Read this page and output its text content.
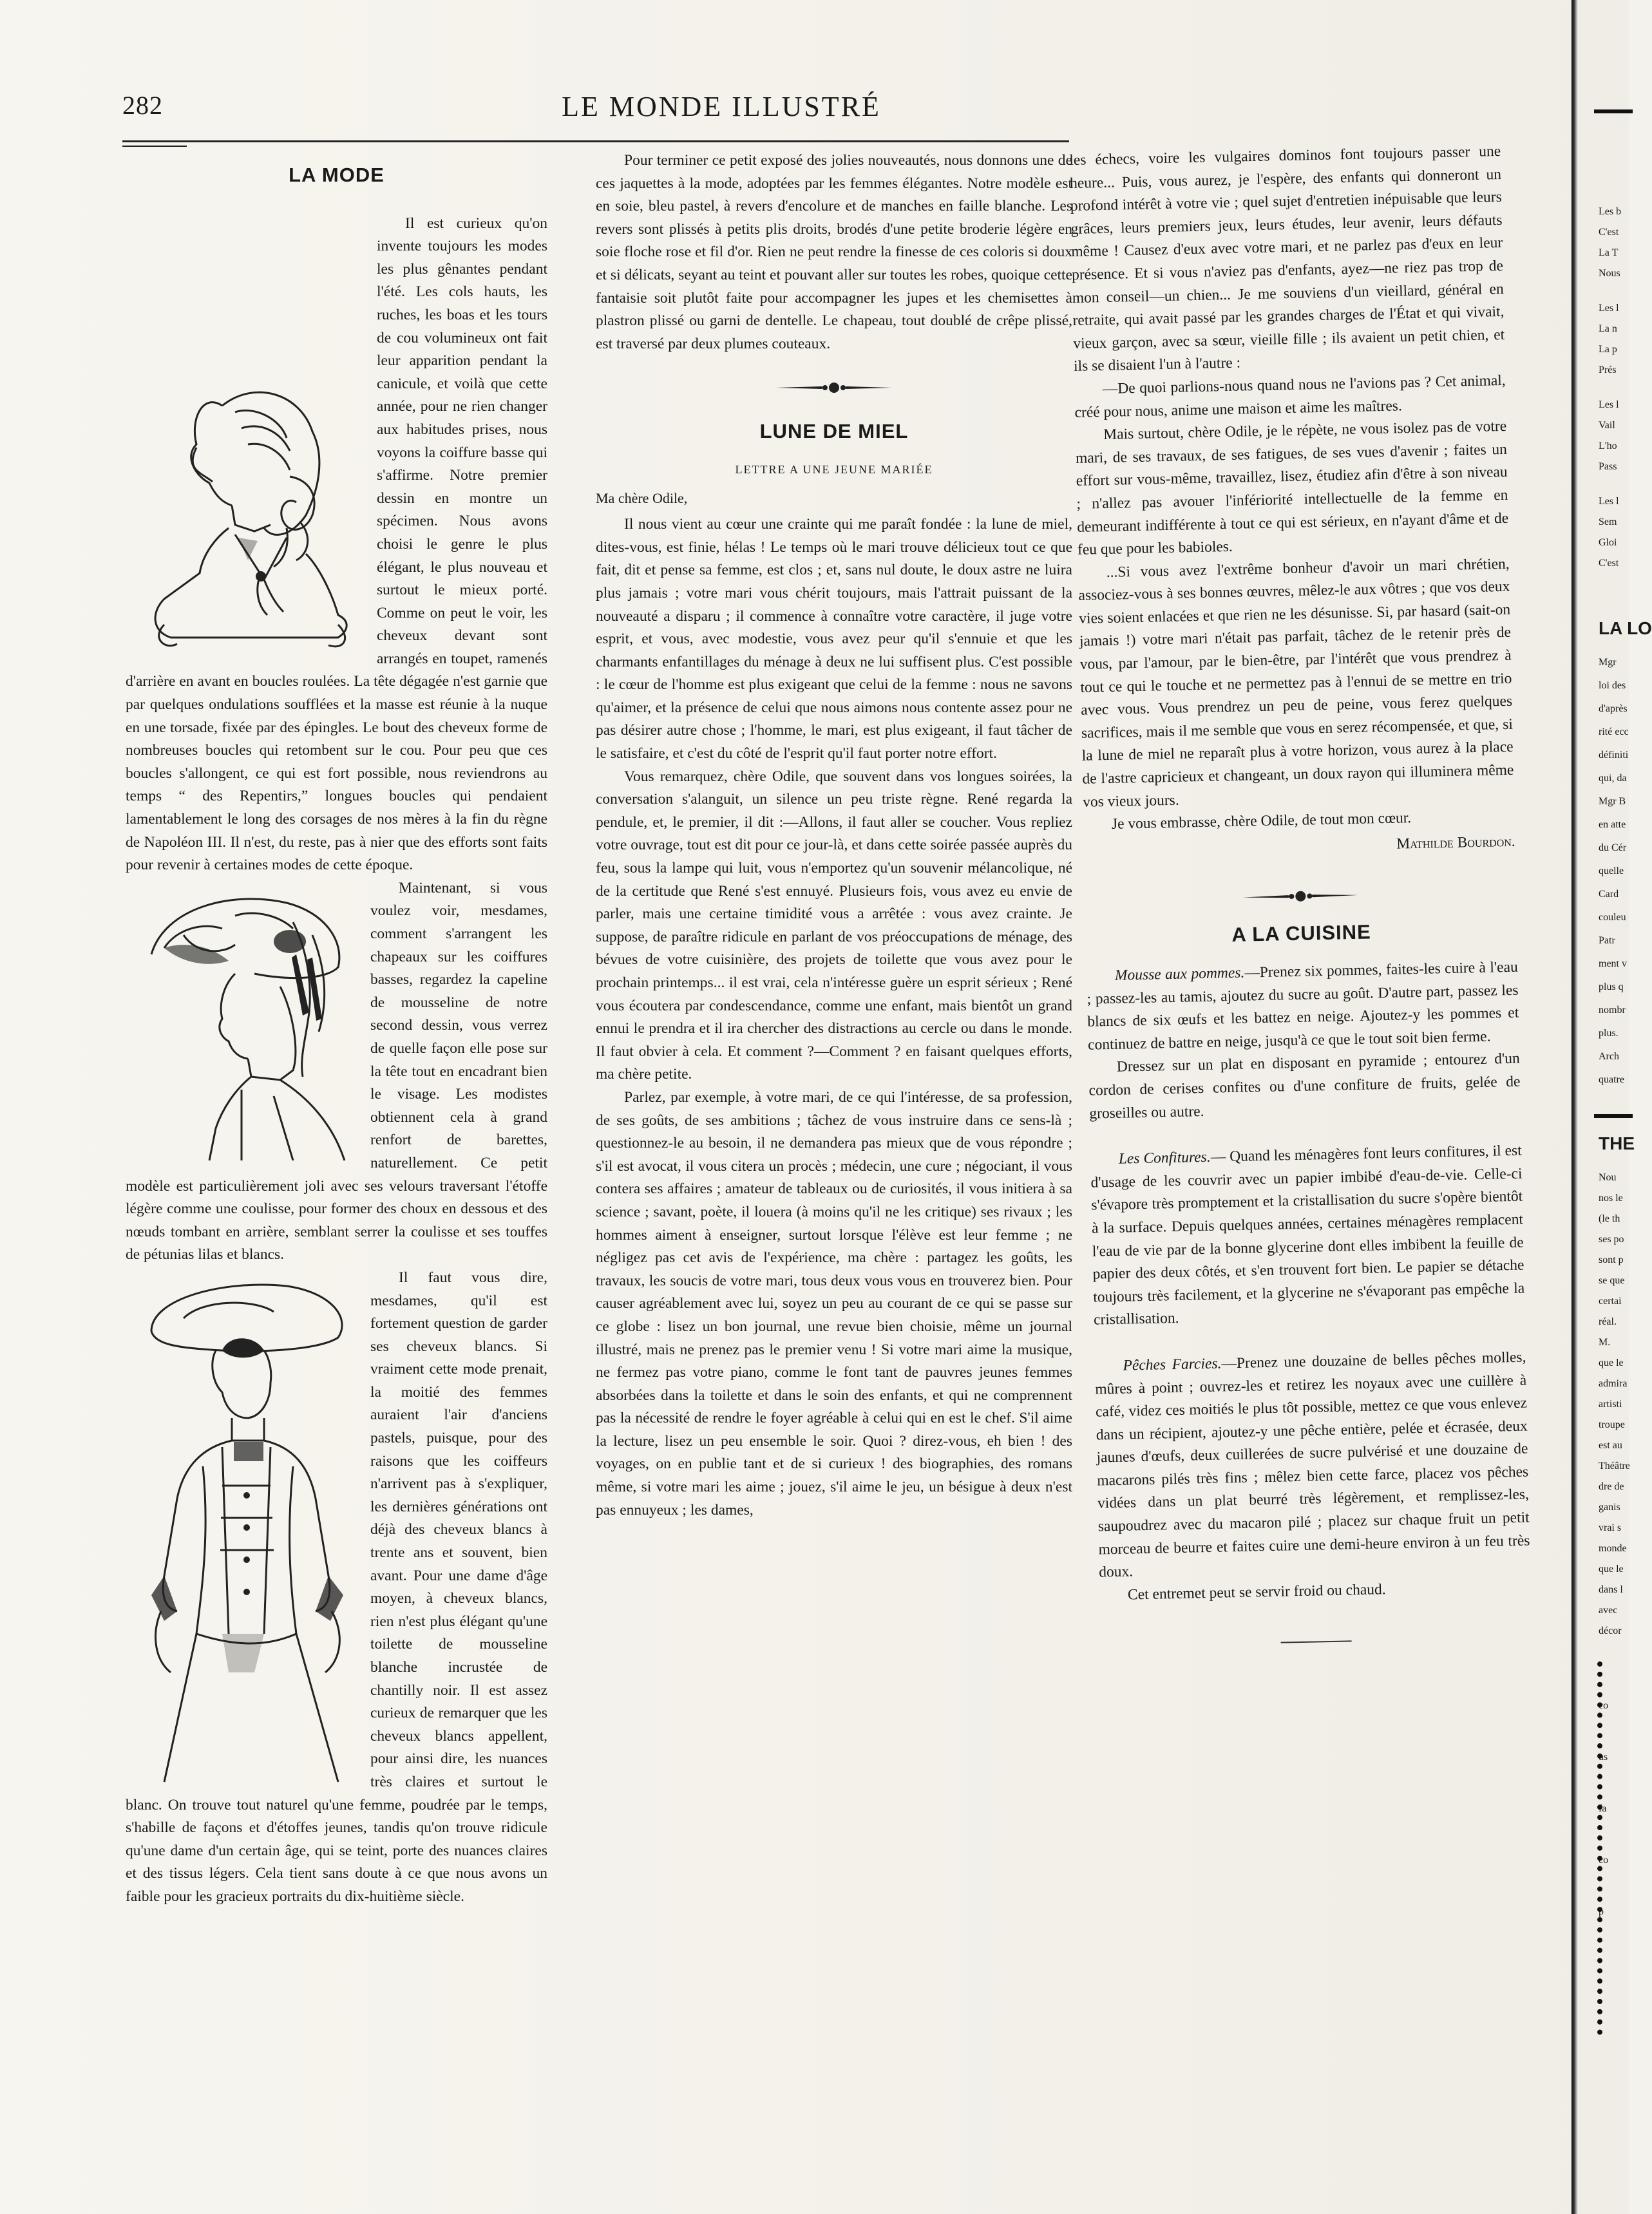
282	LE MONDE ILLUSTRÉ
LA MODE

Il est curieux qu'on invente toujours les modes les plus gênantes pendant l'été. Les cols hauts, les ruches, les boas et les tours de cou volumineux ont fait leur apparition pendant la canicule, et voilà que cette année, pour ne rien changer aux habitudes prises, nous voyons la coiffure basse qui s'affirme. Notre premier dessin en montre un spécimen. Nous avons choisi le genre le plus élégant, le plus nouveau et surtout le mieux porté. Comme on peut le voir, les cheveux devant sont arrangés en toupet, ramenés d'arrière en avant en boucles roulées. La tête dégagée n'est garnie que par quelques ondulations soufflées et la masse est réunie à la nuque en une torsade, fixée par des épingles. Le bout des cheveux forme de nombreuses boucles qui retombent sur le cou. Pour peu que ces boucles s'allongent, ce qui est fort possible, nous reviendrons au temps “ des Repentirs,” longues boucles qui pendaient lamentablement le long des corsages de nos mères à la fin du règne de Napoléon III. Il n'est, du reste, pas à nier que des efforts sont faits pour revenir à certaines modes de cette époque.

Maintenant, si vous voulez voir, mesdames, comment s'arrangent les chapeaux sur les coiffures basses, regardez la capeline de mousseline de notre second dessin, vous verrez de quelle façon elle pose sur la tête tout en encadrant bien le visage. Les modistes obtiennent cela à grand renfort de barettes, naturellement. Ce petit modèle est particulièrement joli avec ses velours traversant l'étoffe légère comme une coulisse, pour former des choux en dessous et des nœuds tombant en arrière, semblant serrer la coulisse et ses touffes de pétunias lilas et blancs.

Il faut vous dire, mesdames, qu'il est fortement question de garder ses cheveux blancs. Si vraiment cette mode prenait, la moitié des femmes auraient l'air d'anciens pastels, puisque, pour des raisons que les coiffeurs n'arrivent pas à s'expliquer, les dernières générations ont déjà des cheveux blancs à trente ans et souvent, bien avant. Pour une dame d'âge moyen, à cheveux blancs, rien n'est plus élégant qu'une toilette de mousseline blanche incrustée de chantilly noir. Il est assez curieux de remarquer que les cheveux blancs appellent, pour ainsi dire, les nuances très claires et surtout le blanc. On trouve tout naturel qu'une femme, poudrée par le temps, s'habille de façons et d'étoffes jeunes, tandis qu'on trouve ridicule qu'une dame d'un certain âge, qui se teint, porte des nuances claires et des tissus légers. Cela tient sans doute à ce que nous avons un faible pour les gracieux portraits du dix-huitième siècle.

Pour terminer ce petit exposé des jolies nouveautés, nous donnons une de ces jaquettes à la mode, adoptées par les femmes élégantes. Notre modèle est en soie, bleu pastel, à revers d'encolure et de manches en faille blanche. Les revers sont plissés à petits plis droits, brodés d'une petite broderie légère en soie floche rose et fil d'or. Rien ne peut rendre la finesse de ces coloris si doux et si délicats, seyant au teint et pouvant aller sur toutes les robes, quoique cette fantaisie soit plutôt faite pour accompagner les jupes et les chemisettes à plastron plissé ou garni de dentelle. Le chapeau, tout doublé de crêpe plissé, est traversé par deux plumes couteaux.

LUNE DE MIEL
LETTRE A UNE JEUNE MARIÉE
Ma chère Odile,

Il nous vient au cœur une crainte qui me paraît fondée : la lune de miel, dites-vous, est finie, hélas ! Le temps où le mari trouve délicieux tout ce que fait, dit et pense sa femme, est clos ; et, sans nul doute, le doux astre ne luira plus jamais ; votre mari vous chérit toujours, mais l'attrait puissant de la nouveauté a disparu ; il commence à connaître votre caractère, il juge votre esprit, et vous, avec modestie, vous avez peur qu'il s'ennuie et que les charmants enfantillages du ménage à deux ne lui suffisent plus. C'est possible : le cœur de l'homme est plus exigeant que celui de la femme : nous ne savons qu'aimer, et la présence de celui que nous aimons nous contente assez pour ne pas désirer autre chose ; l'homme, le mari, est plus exigeant, il faut tâcher de le satisfaire, et c'est du côté de l'esprit qu'il faut porter notre effort.

Vous remarquez, chère Odile, que souvent dans vos longues soirées, la conversation s'alanguit, un silence un peu triste règne. René regarda la pendule, et, le premier, il dit :—Allons, il faut aller se coucher. Vous repliez votre ouvrage, tout est dit pour ce jour-là, et dans cette soirée passée auprès du feu, sous la lampe qui luit, vous n'emportez qu'un souvenir mélancolique, né de la certitude que René s'est ennuyé. Plusieurs fois, vous avez eu envie de parler, mais une certaine timidité vous a arrêtée : vous avez crainte. Je suppose, de paraître ridicule en parlant de vos préoccupations de ménage, des bévues de votre cuisinière, des projets de toilette que vous avez pour le prochain printemps... il est vrai, cela n'intéresse guère un esprit sérieux ; René vous écoutera par condescendance, comme une enfant, mais bientôt un grand ennui le prendra et il ira chercher des distractions au cercle ou dans le monde. Il faut obvier à cela. Et comment ?—Comment ? en faisant quelques efforts, ma chère petite.

Parlez, par exemple, à votre mari, de ce qui l'intéresse, de sa profession, de ses goûts, de ses ambitions ; tâchez de vous instruire dans ce sens-là ; questionnez-le au besoin, il ne demandera pas mieux que de vous répondre ; s'il est avocat, il vous citera un procès ; médecin, une cure ; négociant, il vous contera ses affaires ; amateur de tableaux ou de curiosités, il vous initiera à sa science ; savant, poète, il louera (à moins qu'il ne les critique) ses rivaux ; les hommes aiment à enseigner, surtout lorsque l'élève est leur femme ; ne négligez pas cet avis de l'expérience, ma chère : partagez les goûts, les travaux, les soucis de votre mari, tous deux vous vous en trouverez bien. Pour causer agréablement avec lui, soyez un peu au courant de ce qui se passe sur ce globe : lisez un bon journal, une revue bien choisie, même un journal illustré, mais ne prenez pas le premier venu ! Si votre mari aime la musique, ne fermez pas votre piano, comme le font tant de pauvres jeunes femmes absorbées dans la toilette et dans le soin des enfants, et qui ne comprennent pas la nécessité de rendre le foyer agréable à celui qui en est le chef. S'il aime la lecture, lisez un peu ensemble le soir. Quoi ? direz-vous, eh bien ! des voyages, on en publie tant et de si curieux ! des biographies, des romans même, si votre mari les aime ; jouez, s'il aime le jeu, un bésigue à deux n'est pas ennuyeux ; les dames,

les échecs, voire les vulgaires dominos font toujours passer une heure... Puis, vous aurez, je l'espère, des enfants qui donneront un profond intérêt à votre vie ; quel sujet d'entretien inépuisable que leurs grâces, leurs premiers jeux, leurs études, leur avenir, leurs défauts même ! Causez d'eux avec votre mari, et ne parlez pas d'eux en leur présence. Et si vous n'aviez pas d'enfants, ayez—ne riez pas trop de mon conseil—un chien... Je me souviens d'un vieillard, général en retraite, qui avait passé par les grandes charges de l'État et qui vivait, vieux garçon, avec sa sœur, vieille fille ; ils avaient un petit chien, et ils se disaient l'un à l'autre :

—De quoi parlions-nous quand nous ne l'avions pas ? Cet animal, créé pour nous, anime une maison et aime les maîtres.

Mais surtout, chère Odile, je le répète, ne vous isolez pas de votre mari, de ses travaux, de ses fatigues, de ses vues d'avenir ; faites un effort sur vous-même, travaillez, lisez, étudiez afin d'être à son niveau ; n'allez pas avouer l'infériorité intellectuelle de la femme en demeurant indifférente à tout ce qui est sérieux, en n'ayant d'âme et de feu que pour les babioles.

...Si vous avez l'extrême bonheur d'avoir un mari chrétien, associez-vous à ses bonnes œuvres, mêlez-le aux vôtres ; que vos deux vies soient enlacées et que rien ne les désunisse. Si, par hasard (sait-on jamais !) votre mari n'était pas parfait, tâchez de le retenir près de vous, par l'amour, par le bien-être, par l'intérêt que vous prendrez à tout ce qui le touche et ne permettez pas à l'ennui de se mettre en trio avec vous. Vous prendrez un peu de peine, vous ferez quelques sacrifices, mais il me semble que vous en serez récompensée, et que, si la lune de miel ne reparaît plus à votre horizon, vous aurez à la place de l'astre capricieux et changeant, un doux rayon qui illuminera même vos vieux jours.

Je vous embrasse, chère Odile, de tout mon cœur.

Mathilde Bourdon.
A LA CUISINE

Mousse aux pommes.—Prenez six pommes, faites-les cuire à l'eau ; passez-les au tamis, ajoutez du sucre au goût. D'autre part, passez les blancs de six œufs et les battez en neige. Ajoutez-y les pommes et continuez de battre en neige, jusqu'à ce que le tout soit bien ferme.

Dressez sur un plat en disposant en pyramide ; entourez d'un cordon de cerises confites ou d'une confiture de fruits, gelée de groseilles ou autre.

Les Confitures.— Quand les ménagères font leurs confitures, il est d'usage de les couvrir avec un papier imbibé d'eau-de-vie. Celle-ci s'évapore très promptement et la cristallisation du sucre s'opère bientôt à la surface. Depuis quelques années, certaines ménagères remplacent l'eau de vie par de la bonne glycerine dont elles imbibent la feuille de papier des deux côtés, et s'en trouvent fort bien. Le papier se détache toujours très facilement, et la glycerine ne s'évaporant pas empêche la cristallisation.

Pêches Farcies.—Prenez une douzaine de belles pêches molles, mûres à point ; ouvrez-les et retirez les noyaux avec une cuillère à café, videz ces moitiés le plus tôt possible, mettez ce que vous enlevez dans un récipient, ajoutez-y une pêche entière, pelée et écrasée, deux jaunes d'œufs, deux cuillerées de sucre pulvérisé et une douzaine de macarons pilés très fins ; mêlez bien cette farce, placez vos pêches vidées dans un plat beurré très légèrement, et remplissez-les, saupoudrez avec du macaron pilé ; placez sur chaque fruit un petit morceau de beurre et faites cuire une demi-heure environ à un feu très doux.

Cet entremet peut se servir froid ou chaud.

Les b
C'est
La T
Nous
Les l
La n
La p
Prés
Les l
Vail
L'ho
Pass
Les l
Sem
Gloi
C'est
LA LO
Mgr
loi des
d'après
rité ecc
définiti
qui, da
Mgr B
en atte
du Cér
quelle
Card
couleu
Patr
ment v
plus q
nombr
plus.
Arch
quatre
THE
Nou
nos le
(le th
ses po
sont p
se que
certai
réal.
M.
que le
admira
artisti
troupe
est au
Théâtre
dre de
ganis
vrai s
monde
que le
dans l
avec
décor
co
us
fa
co
p
